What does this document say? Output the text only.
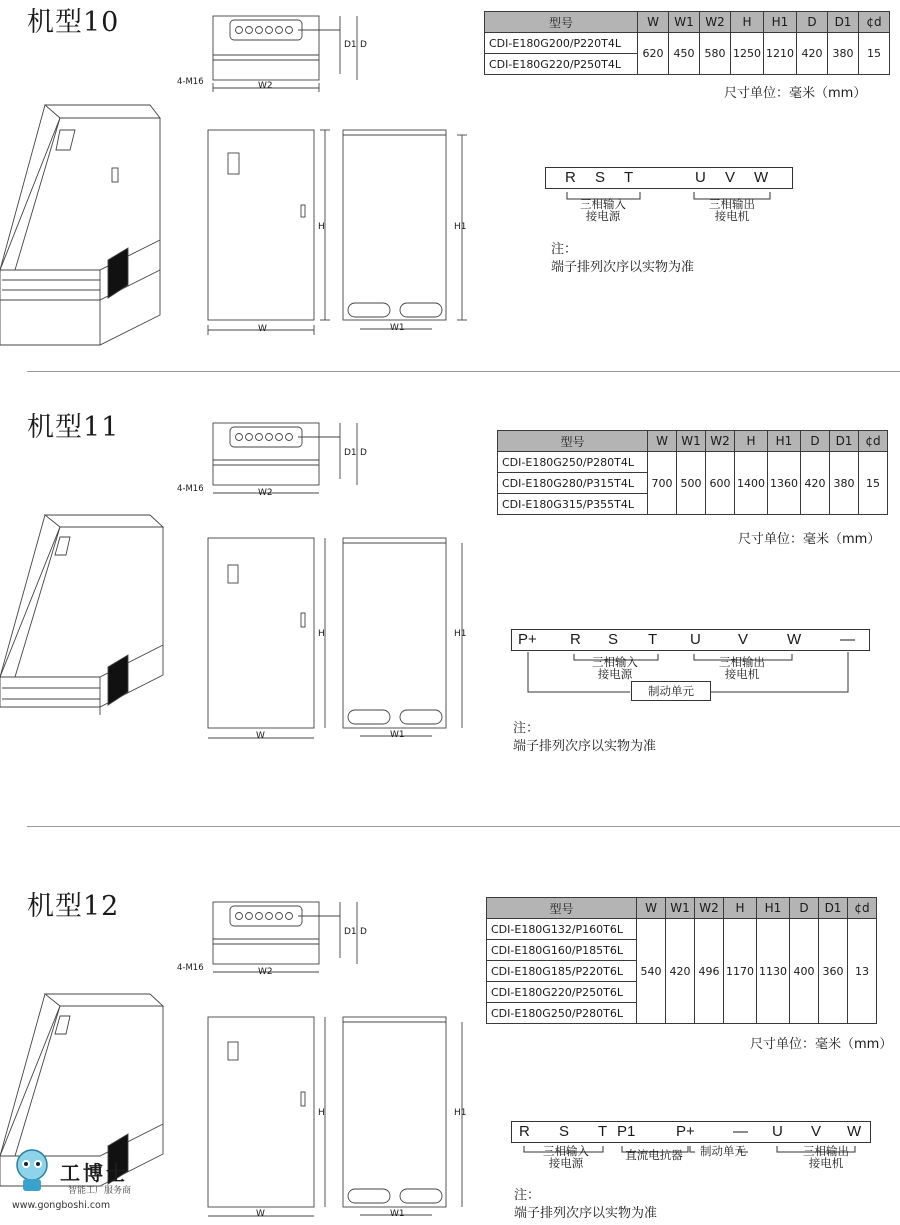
机型10
W2
D1 D
4-M16
W
H
W1
H1
型号	W	W1	W2	H	H1	D	D1	¢d
CDI-E180G200/P220T4L	620	450	580	1250	1210	420	380	15
CDI-E180G220/P250T4L								
尺寸单位：毫米（mm）
R S T	U V W
三相输入
接电源
三相输出
接电机
注：
端子排列次序以实物为准
机型11
W2
D1 D
4-M16
W
H
W1
H1
型号	W	W1	W2	H	H1	D	D1	¢d
CDI-E180G250/P280T4L	700	500	600	1400	1360	420	380	15
CDI-E180G280/P315T4L								
CDI-E180G315/P355T4L								
尺寸单位：毫米（mm）
P+ R S T U V	W	—
三相输入
接电源
三相输出
接电机
制动单元
注：
端子排列次序以实物为准
机型12
W2
D1 D
4-M16
W
H
W1
H1
型号	W	W1	W2	H	H1	D	D1	¢d
CDI-E180G132/P160T6L	540	420	496	1170	1130	400	360	13
CDI-E180G160/P185T6L								
CDI-E180G185/P220T6L								
CDI-E180G220/P250T6L								
CDI-E180G250/P280T6L								
尺寸单位：毫米（mm）
R S T P1	P+	— U V W
三相输入
接电源
直流电抗器	制动单元	三相输出
接电机
注：
端子排列次序以实物为准
工博士
智能工厂服务商
www.gongboshi.com
